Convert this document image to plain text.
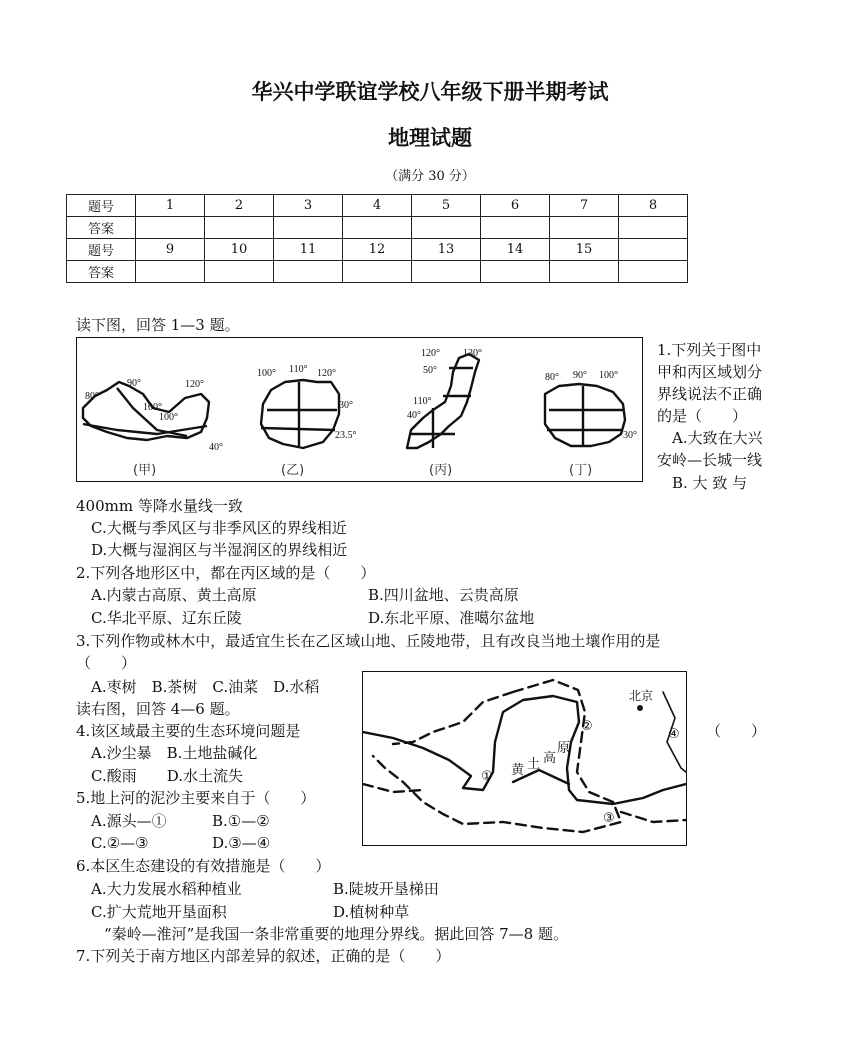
华兴中学联谊学校八年级下册半期考试
地理试题
（满分 30 分）
题号	1	2	3	4	5	6	7	8
答案								
题号	9	10	11	12	13	14	15	
答案								
读下图，回答 1—3 题。
80°
90°	120°
100°
100°
40°
100° 110° 120°
30°
23.5°
120° 130°
50°
110°
40°
80° 90° 100°
30°
(甲)	(乙)	(丙)	(丁)
1.下列关于图中
甲和丙区域划分
界线说法不正确
的是（　　）
A.大致在大兴
安岭—长城一线
B. 大 致 与
400mm 等降水量线一致
C.大概与季风区与非季风区的界线相近
D.大概与湿润区与半湿润区的界线相近
2.下列各地形区中，都在丙区域的是（　　）
A.内蒙古高原、黄土高原	B.四川盆地、云贵高原
C.华北平原、辽东丘陵	D.东北平原、准噶尔盆地
3.下列作物或林木中，最适宜生长在乙区域山地、丘陵地带，且有改良当地土壤作用的是
（　　）
A.枣树　B.茶树　C.油菜　D.水稻
读右图，回答 4—6 题。
北京
黄 土 高
原
①
②
③
④
4.该区域最主要的生态环境问题是	（　　）
A.沙尘暴　B.土地盐碱化
C.酸雨　　D.水土流失
5.地上河的泥沙主要来自于（　　）
A.源头—①	B.①—②
C.②—③	D.③—④
6.本区生态建设的有效措施是（　　）
A.大力发展水稻种植业	B.陡坡开垦梯田
C.扩大荒地开垦面积	D.植树种草
“秦岭—淮河”是我国一条非常重要的地理分界线。据此回答 7—8 题。
7.下列关于南方地区内部差异的叙述，正确的是（　　）
